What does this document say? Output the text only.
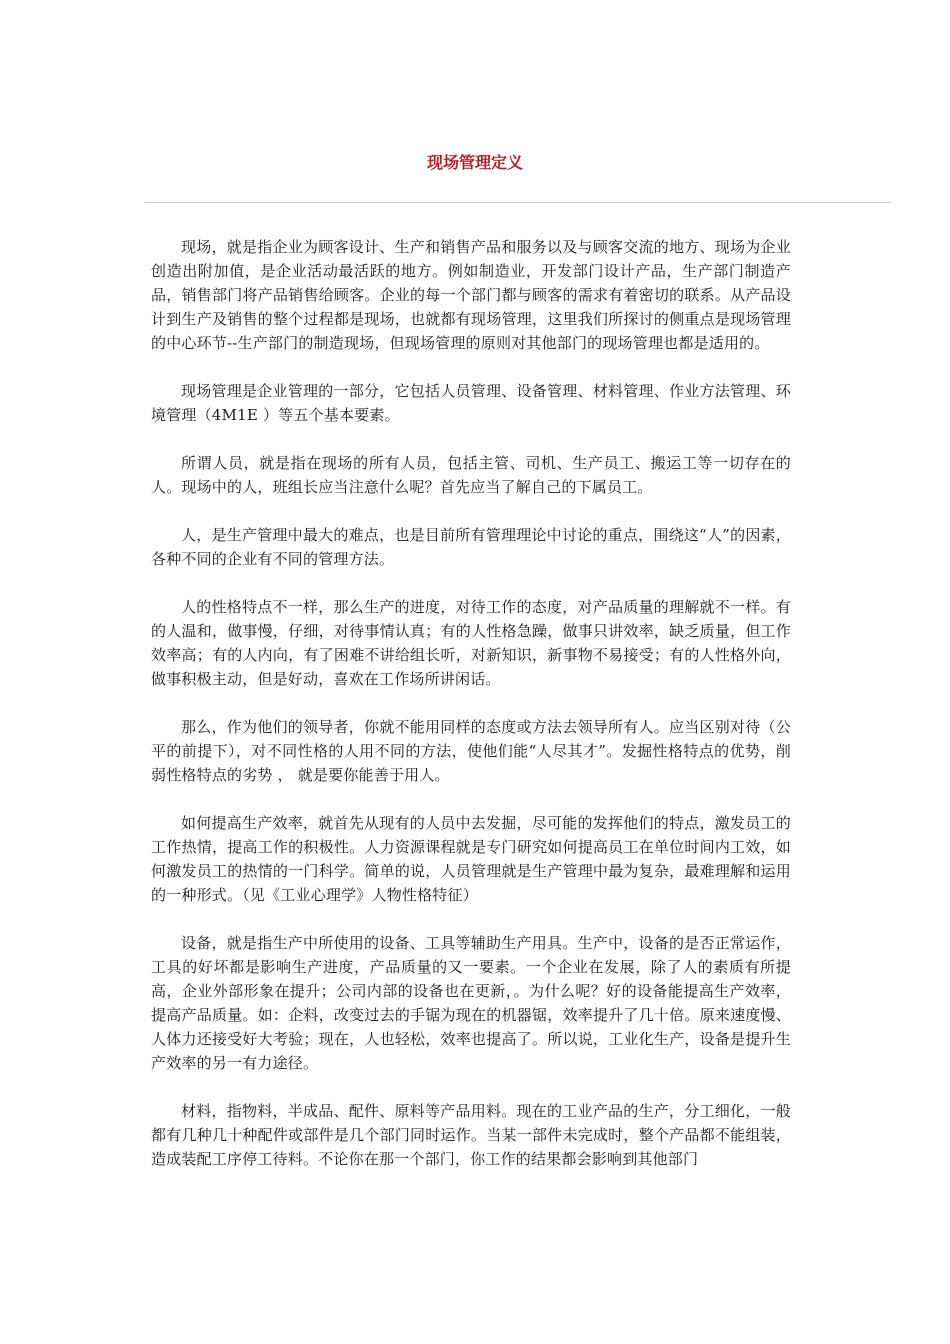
现场管理定义

现场，就是指企业为顾客设计、生产和销售产品和服务以及与顾客交流的地方、现场为企业创造出附加值，是企业活动最活跃的地方。例如制造业，开发部门设计产品，生产部门制造产品，销售部门将产品销售给顾客。企业的每一个部门都与顾客的需求有着密切的联系。从产品设计到生产及销售的整个过程都是现场，也就都有现场管理，这里我们所探讨的侧重点是现场管理的中心环节--生产部门的制造现场，但现场管理的原则对其他部门的现场管理也都是适用的。

现场管理是企业管理的一部分，它包括人员管理、设备管理、材料管理、作业方法管理、环境管理（4M1E ）等五个基本要素。

所谓人员，就是指在现场的所有人员，包括主管、司机、生产员工、搬运工等一切存在的人。现场中的人，班组长应当注意什么呢？首先应当了解自己的下属员工。

人，是生产管理中最大的难点，也是目前所有管理理论中讨论的重点，围绕这“人”的因素，各种不同的企业有不同的管理方法。

人的性格特点不一样，那么生产的进度，对待工作的态度，对产品质量的理解就不一样。有的人温和，做事慢，仔细，对待事情认真；有的人性格急躁，做事只讲效率，缺乏质量，但工作效率高；有的人内向，有了困难不讲给组长听，对新知识，新事物不易接受；有的人性格外向，做事积极主动，但是好动，喜欢在工作场所讲闲话。

那么，作为他们的领导者，你就不能用同样的态度或方法去领导所有人。应当区别对待（公平的前提下），对不同性格的人用不同的方法，使他们能“人尽其才”。发掘性格特点的优势，削弱性格特点的劣势 ， 就是要你能善于用人。

如何提高生产效率，就首先从现有的人员中去发掘，尽可能的发挥他们的特点，激发员工的工作热情，提高工作的积极性。人力资源课程就是专门研究如何提高员工在单位时间内工效，如何激发员工的热情的一门科学。简单的说，人员管理就是生产管理中最为复杂，最难理解和运用的一种形式。（见《工业心理学》人物性格特征）

设备，就是指生产中所使用的设备、工具等辅助生产用具。生产中，设备的是否正常运作，工具的好坏都是影响生产进度，产品质量的又一要素。一个企业在发展，除了人的素质有所提高，企业外部形象在提升；公司内部的设备也在更新，。为什么呢？好的设备能提高生产效率，提高产品质量。如：企料，改变过去的手锯为现在的机器锯，效率提升了几十倍。原来速度慢、人体力还接受好大考验；现在，人也轻松，效率也提高了。所以说，工业化生产，设备是提升生产效率的另一有力途径。

材料，指物料，半成品、配件、原料等产品用料。现在的工业产品的生产，分工细化，一般都有几种几十种配件或部件是几个部门同时运作。当某一部件未完成时，整个产品都不能组装，造成装配工序停工待料。不论你在那一个部门，你工作的结果都会影响到其他部门
